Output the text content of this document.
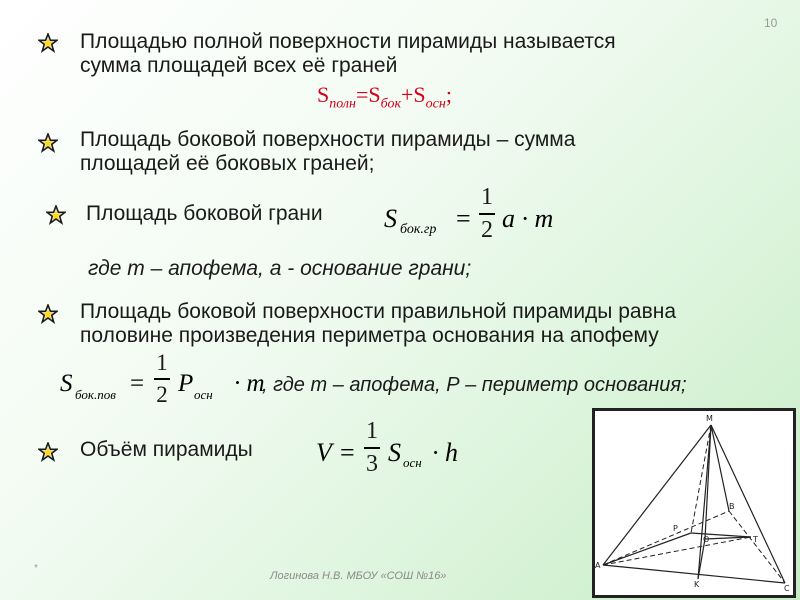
10
Площадью полной поверхности пирамиды называется
сумма площадей всех её граней
$S_{полн}=S_{бок}+S_{осн}$;
Площадь боковой поверхности пирамиды – сумма
площадей её боковых граней;
Площадь боковой грани S бок.гр =
1
2 a · m
где m – апофема, а - основание грани;
Площадь боковой поверхности правильной пирамиды равна
половине произведения периметра основания на апофему
S бок.пов =
1
2 P осн · m
, где m – апофема, Р – периметр основания;
Объём пирамиды V =
1
3 S осн · h
M
B
P
T
O
A
K	C
*
Логинова Н.В. МБОУ «СОШ №16»
